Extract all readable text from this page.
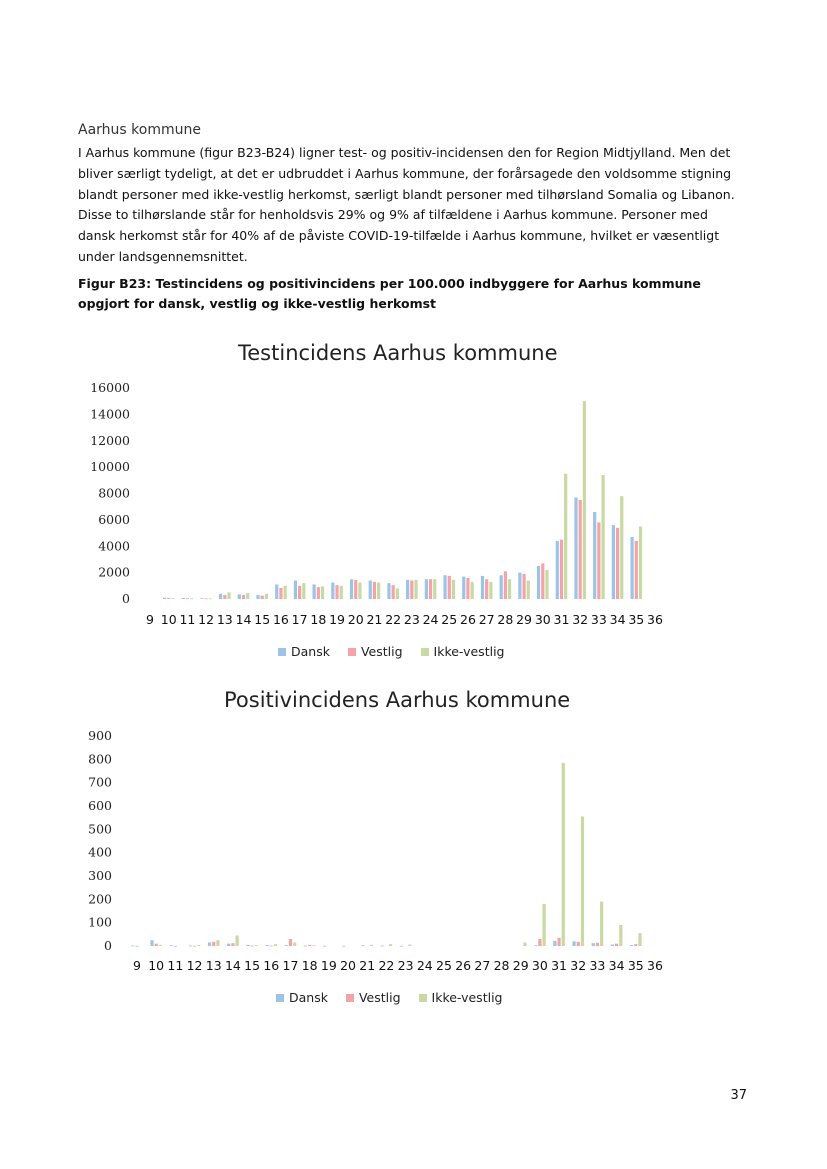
Aarhus kommune
I Aarhus kommune (figur B23-B24) ligner test- og positiv-incidensen den for Region Midtjylland. Men det bliver særligt tydeligt, at det er udbruddet i Aarhus kommune, der forårsagede den voldsomme stigning blandt personer med ikke-vestlig herkomst, særligt blandt personer med tilhørsland Somalia og Libanon. Disse to tilhørslande står for henholdsvis 29% og 9% af tilfældene i Aarhus kommune. Personer med dansk herkomst står for 40% af de påviste COVID-19-tilfælde i Aarhus kommune, hvilket er væsentligt under landsgennemsnittet.
Figur B23: Testincidens og positivincidens per 100.000 indbyggere for Aarhus kommune opgjort for dansk, vestlig og ikke-vestlig herkomst
Testincidens Aarhus kommune
16000
14000
12000
10000
8000
6000
4000
2000
0
9 10 11 12 13 14 15 16 17 18 19 20 21 22 23 24 25 26 27 28 29 30 31 32 33 34 35 36
Dansk Vestlig Ikke-vestlig
Positivincidens Aarhus kommune
900
800
700
600
500
400
300
200
100
0
9 10 11 12 13 14 15 16 17 18 19 20 21 22 23 24 25 26 27 28 29 30 31 32 33 34 35 36
Dansk Vestlig Ikke-vestlig
37
